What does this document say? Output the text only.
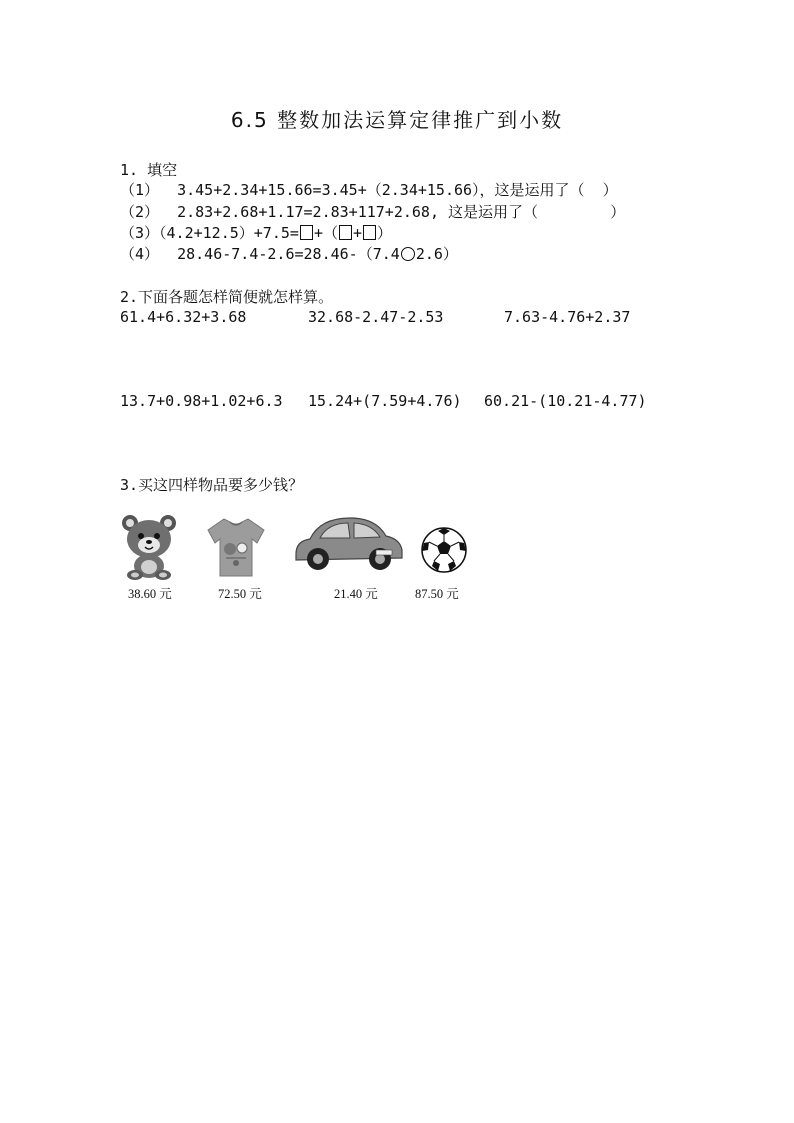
6.5 整数加法运算定律推广到小数
1. 填空
（1）  3.45+2.34+15.66=3.45+（2.34+15.66），这是运用了（  ）
（2）  2.83+2.68+1.17=2.83+117+2.68, 这是运用了（        ）
（3）（4.2+12.5）+7.5= +（ + ）
（4）  28.46-7.4-2.6=28.46-（7.4 2.6）
2.下面各题怎样简便就怎样算。
61.4+6.32+3.68	32.68-2.47-2.53	7.63-4.76+2.37
13.7+0.98+1.02+6.3 15.24+(7.59+4.76) 60.21-(10.21-4.77)
3.买这四样物品要多少钱？
38.60 元	72.50 元	21.40 元	87.50 元
